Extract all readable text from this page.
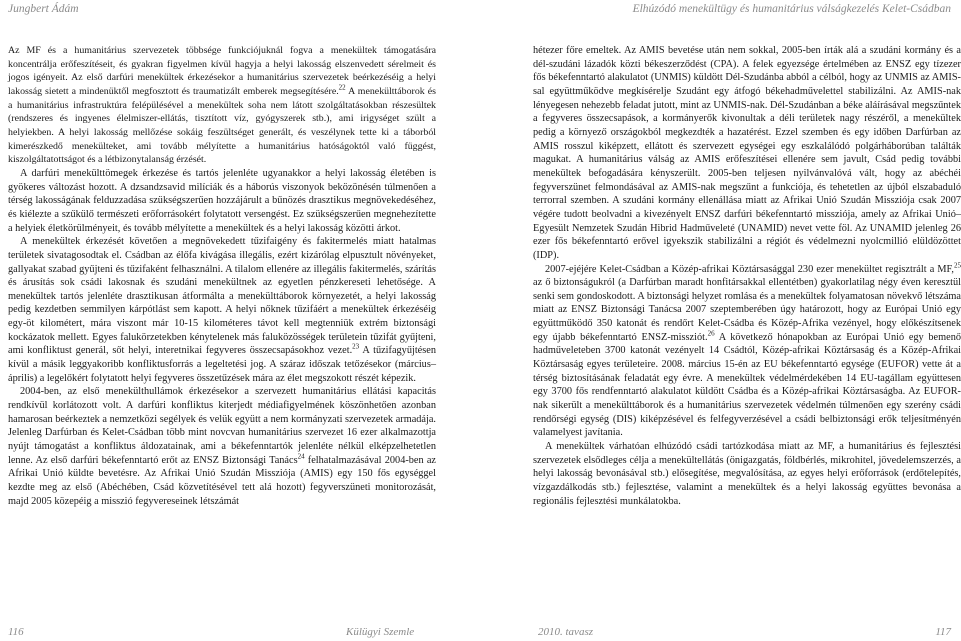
Jungbert Ádám	Elhúzódó menekültügy és humanitárius válságkezelés Kelet-Csádban

Az MF és a humanitárius szervezetek többsége funkciójuknál fogva a menekültek támogatására koncentrálja erőfeszítéseit, és gyakran figyelmen kívül hagyja a helyi lakosság elszenvedett sérelmeit és jogos igényeit. Az első darfúri menekültek érkezésekor a humanitárius szervezetek beérkezéséig a helyi lakosság sietett a mindenüktől megfosztott és traumatizált emberek megsegítésére.$^{22}$ A menekülttáborok és a humanitárius infrastruktúra felépülésével a menekültek soha nem látott szolgáltatásokban részesültek (rendszeres és ingyenes élelmiszer-ellátás, tisztított víz, gyógyszerek stb.), ami irigységet szült a helyiekben. A helyi lakosság mellőzése sokáig feszültséget generált, és veszélynek tette ki a táborból kimerészkedő menekülteket, ami tovább mélyítette a humanitárius hatóságoktól való függést, kiszolgáltatottságot és a létbizonytalanság érzését.

A darfúri menekülttömegek érkezése és tartós jelenléte ugyanakkor a helyi lakosság életében is gyökeres változást hozott. A dzsandzsavid milíciák és a háborús viszonyok beközönésén túlmenően a térség lakosságának felduzzadása szükségszerűen hozzájárult a bűnözés drasztikus megnövekedéséhez, és kiélezte a szűkülő természeti erőforrásokért folytatott versengést. Ez szükségszerűen megnehezítette a helyiek életkörülményeit, és tovább mélyítette a menekültek és a helyi lakosság közötti árkot.

A menekültek érkezését követően a megnövekedett tűzifaigény és fakitermelés miatt hatalmas területek sivatagosodtak el. Csádban az élőfa kivágása illegális, ezért kizárólag elpusztult növényeket, gallyakat szabad gyűjteni és tűzifaként felhasználni. A tilalom ellenére az illegális fakitermelés, szárítás és árusítás sok csádi lakosnak és szudáni menekültnek az egyetlen pénzkereseti lehetősége. A menekültek tartós jelenléte drasztikusan átformálta a menekülttáborok környezetét, a helyi lakosság pedig kezdetben semmilyen kárpótlást sem kapott. A helyi nőknek tűzifáért a menekültek érkezéséig egy-öt kilométert, mára viszont már 10-15 kilométeres távot kell megtenniük extrém biztonsági kockázatok mellett. Egyes falukörzetekben kénytelenek más faluközösségek területein tűzifát gyűjteni, ami konfliktust generál, sőt helyi, interetnikai fegyveres összecsapásokhoz vezet.$^{23}$ A tűzifagyűjtésen kívül a másik leggyakoribb konfliktusforrás a legeltetési jog. A száraz időszak tetőzésekor (március–április) a legelőkért folytatott helyi fegyveres összetűzések mára az élet megszokott részét képezik.

2004-ben, az első menekülthullámok érkezésekor a szervezett humanitárius ellátási kapacitás rendkívül korlátozott volt. A darfúri konfliktus kiterjedt médiafigyelmének köszönhetően azonban hamarosan beérkeztek a nemzetközi segélyek és velük együtt a nem kormányzati szervezetek armadája. Jelenleg Darfúrban és Kelet-Csádban több mint novcvan humanitárius szervezet 16 ezer alkalmazottja nyújt támogatást a konfliktus áldozatainak, ami a békefenntartók jelenléte nélkül elképzelhetetlen lenne. Az első darfúri békefenntartó erőt az ENSZ Biztonsági Tanács$^{24}$ felhatalmazásával 2004-ben az Afrikai Unió küldte bevetésre. Az Afrikai Unió Szudán Missziója (AMIS) egy 150 fős egységgel kezdte meg az első (Abéchében, Csád közvetítésével tett alá hozott) fegyverszüneti monitorozását, majd 2005 közepéig a misszió fegyvereseinek létszámát

hétezer főre emeltek. Az AMIS bevetése után nem sokkal, 2005-ben írták alá a szudáni kormány és a dél-szudáni lázadók közti békeszerződést (CPA). A felek egyezsége értelmében az ENSZ egy tízezer fős békefenntartó alakulatot (UNMIS) küldött Dél-Szudánba abból a célból, hogy az UNMIS az AMIS-sal együttműködve megkísérelje Szudánt egy átfogó békehadművelettel stabilizálni. Az AMIS-nak lényegesen nehezebb feladat jutott, mint az UNMIS-nak. Dél-Szudánban a béke aláírásával megszűntek a fegyveres összecsapások, a kormányerők kivonultak a déli területek nagy részéről, a menekültek pedig a környező országokból megkezdték a hazatérést. Ezzel szemben és egy időben Darfúrban az AMIS rosszul kiképzett, ellátott és szervezett egységei egy eszkalálódó polgárháborúban találták magukat. A humanitárius válság az AMIS erőfeszítései ellenére sem javult, Csád pedig további menekültek befogadására kényszerült. 2005-ben teljesen nyilvánvalóvá vált, hogy az abéchéi fegyverszünet felmondásával az AMIS-nak megszűnt a funkciója, és tehetetlen az újból elszabaduló terrorral szemben. A szudáni kormány ellenállása miatt az Afrikai Unió Szudán Missziója csak 2007 végére tudott beolvadni a kivezényelt ENSZ darfúri békefenntartó missziója, amely az Afrikai Unió–Egyesült Nemzetek Szudán Hibrid Hadműveleté (UNAMID) nevet vette föl. Az UNAMID jelenleg 26 ezer fős békefenntartó erővel igyekszik stabilizálni a régiót és védelmezni nyolcmillió elüldözöttet (IDP).

2007-ejéjére Kelet-Csádban a Közép-afrikai Köztársasággal 230 ezer menekültet regisztrált a MF,$^{25}$ az ő biztonságukról (a Darfúrban maradt honfitársakkal ellentétben) gyakorlatilag négy éven keresztül senki sem gondoskodott. A biztonsági helyzet romlása és a menekültek folyamatosan növekvő létszáma miatt az ENSZ Biztonsági Tanácsa 2007 szeptemberében úgy határozott, hogy az Európai Unió egy együttműködő 350 katonát és rendőrt Kelet-Csádba és Közép-Afrika vezényel, hogy előkészítsenek egy újabb békefenntartó ENSZ-missziót.$^{26}$ A következő hónapokban az Európai Unió egy bemenő hadműveleteben 3700 katonát vezényelt 14 Csádtól, Közép-afrikai Köztársaság és a Közép-Afrikai Köztársaság egyes területeire. 2008. március 15-én az EU békefenntartó egysége (EUFOR) vette át a térség biztosításának feladatát egy évre. A menekültek védelmérdekében 14 EU-tagállam együttesen egy 3700 fős rendfenntartó alakulatot küldött Csádba és a Közép-afrikai Köztársaságba. Az EUFOR-nak sikerült a menekülttáborok és a humanitárius szervezetek védelmén túlmenően egy szerény csádi rendőrségi egység (DIS) kiképzésével és felfegyverzésével a csádi belbiztonsági erők teljesítményén valamelyest javítania.

A menekültek várhatóan elhúzódó csádi tartózkodása miatt az MF, a humanitárius és fejlesztési szervezetek elsődleges célja a menekültellátás (önigazgatás, földbérlés, mikrohitel, jövedelemszerzés, a helyi lakosság bevonásával stb.) elősegítése, megvalósítása, az egyes helyi erőforrások (erdőtelepítés, vízgazdálkodás stb.) fejlesztése, valamint a menekültek és a helyi lakosság együttes bevonása a regionális fejlesztési munkálatokba.

116	Külügyi Szemle	2010. tavasz	117
